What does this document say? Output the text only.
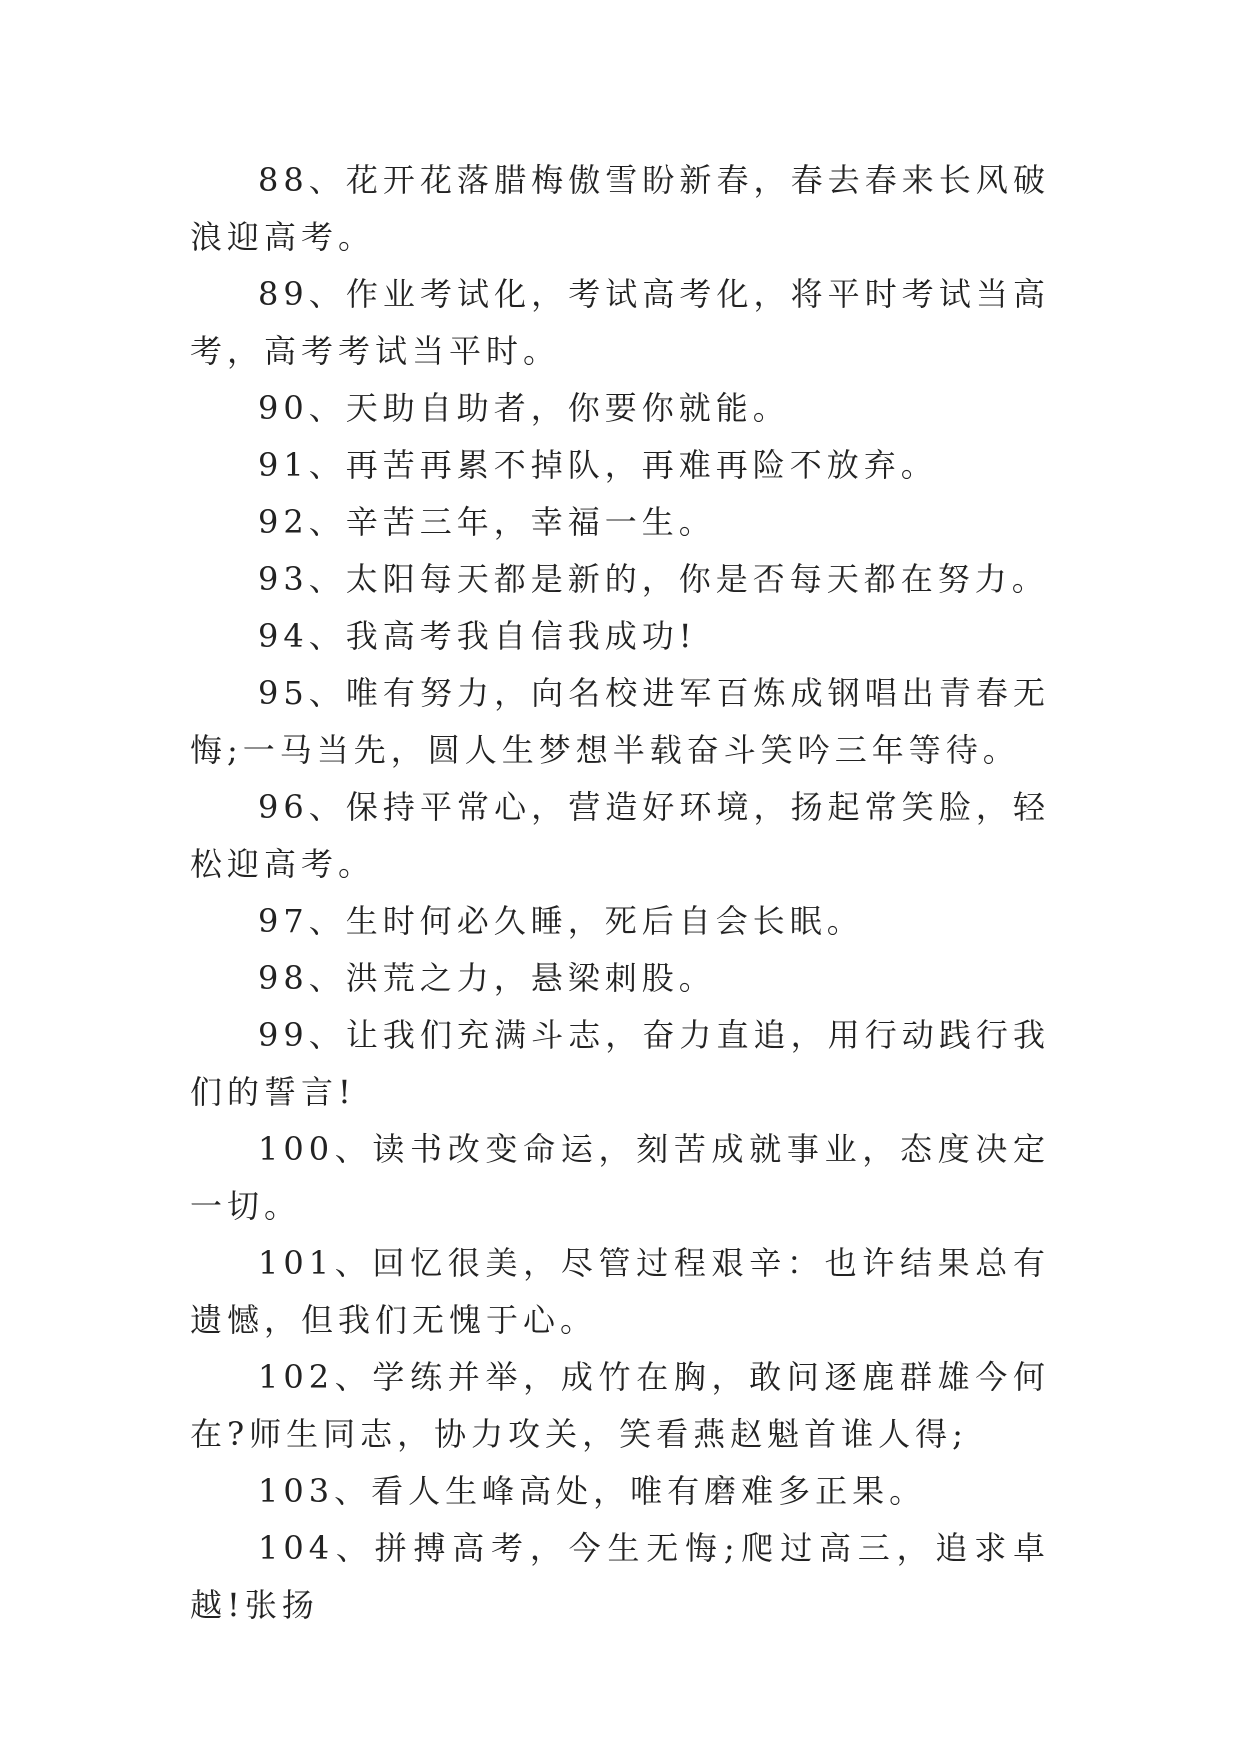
88、花开花落腊梅傲雪盼新春，春去春来长风破浪迎高考。

89、作业考试化，考试高考化，将平时考试当高考，高考考试当平时。

90、天助自助者，你要你就能。

91、再苦再累不掉队，再难再险不放弃。

92、辛苦三年，幸福一生。

93、太阳每天都是新的，你是否每天都在努力。

94、我高考我自信我成功!

95、唯有努力，向名校进军百炼成钢唱出青春无悔;一马当先，圆人生梦想半载奋斗笑吟三年等待。

96、保持平常心，营造好环境，扬起常笑脸，轻松迎高考。

97、生时何必久睡，死后自会长眠。

98、洪荒之力，悬梁刺股。

99、让我们充满斗志，奋力直追，用行动践行我们的誓言!

100、读书改变命运，刻苦成就事业，态度决定一切。

101、回忆很美，尽管过程艰辛：也许结果总有遗憾，但我们无愧于心。

102、学练并举，成竹在胸，敢问逐鹿群雄今何在?师生同志，协力攻关，笑看燕赵魁首谁人得;

103、看人生峰高处，唯有磨难多正果。

104、拼搏高考，今生无悔;爬过高三，追求卓越!张扬
